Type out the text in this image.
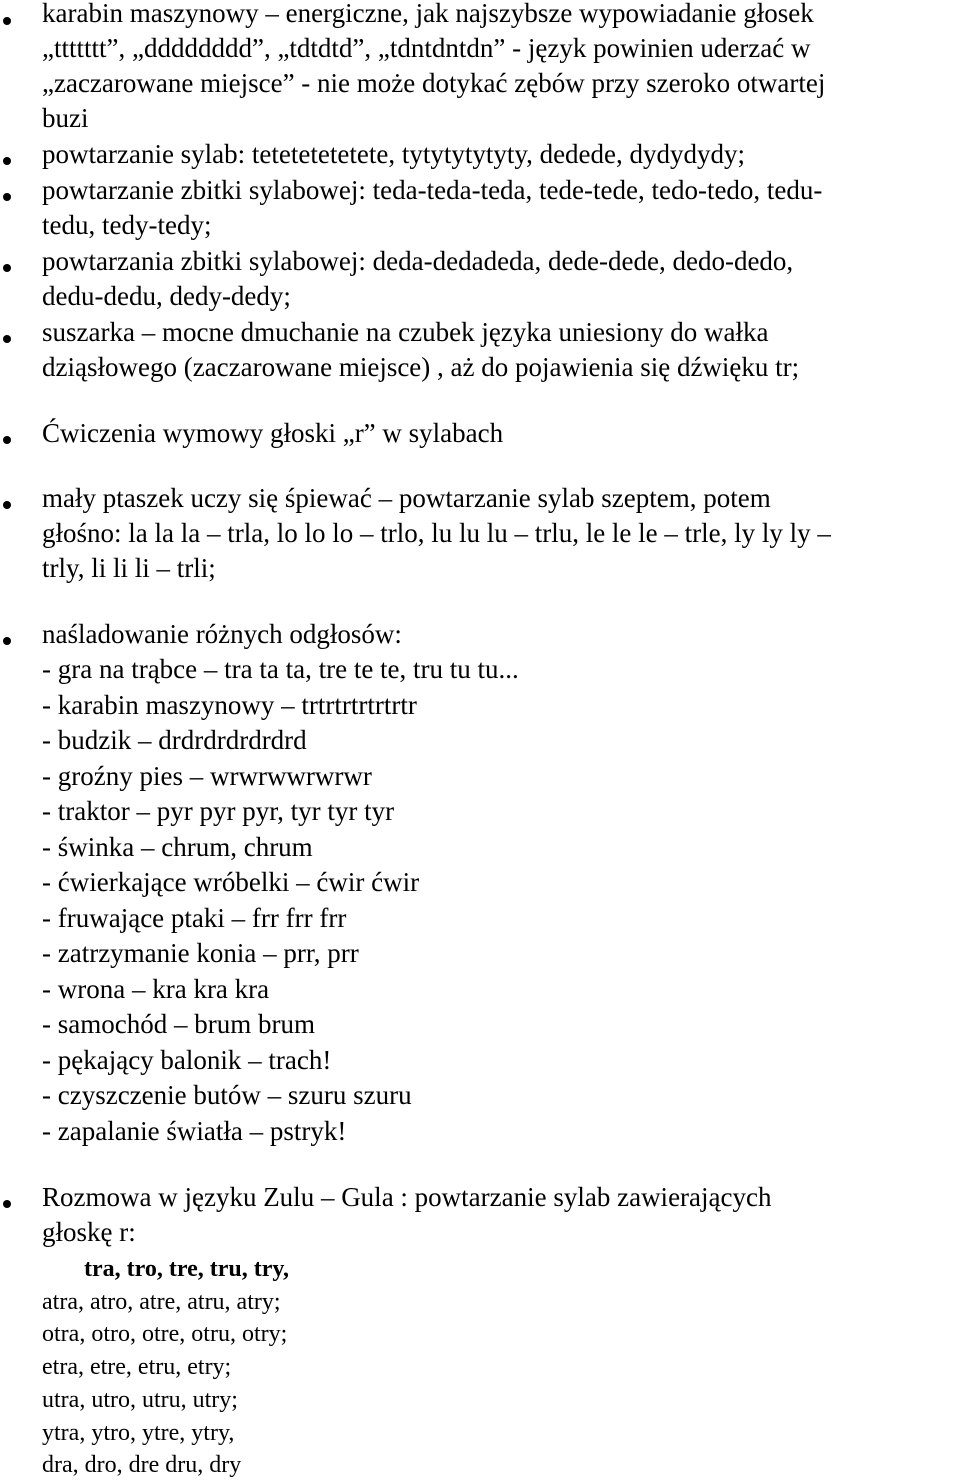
karabin maszynowy – energiczne, jak najszybsze wypowiadanie głosek
„ttttttt”, „dddddddd”, „tdtdtd”, „tdntdntdn” - język powinien uderzać w
„zaczarowane miejsce” - nie może dotykać zębów przy szeroko otwartej
buzi
powtarzanie sylab: tetetetetetete, tytytytytyty, dedede, dydydydy;
powtarzanie zbitki sylabowej: teda-teda-teda, tede-tede, tedo-tedo, tedu-
tedu, tedy-tedy;
powtarzania zbitki sylabowej: deda-dedadeda, dede-dede, dedo-dedo,
dedu-dedu, dedy-dedy;
suszarka – mocne dmuchanie na czubek języka uniesiony do wałka
dziąsłowego (zaczarowane miejsce) , aż do pojawienia się dźwięku tr;
Ćwiczenia wymowy głoski „r” w sylabach
mały ptaszek uczy się śpiewać – powtarzanie sylab szeptem, potem
głośno: la la la – trla, lo lo lo – trlo, lu lu lu – trlu, le le le – trle, ly ly ly –
trly, li li li – trli;
naśladowanie różnych odgłosów:
- gra na trąbce – tra ta ta, tre te te, tru tu tu...
- karabin maszynowy – trtrtrtrtrtrtr
- budzik – drdrdrdrdrdrd
- groźny pies – wrwrwwrwrwr
- traktor – pyr pyr pyr, tyr tyr tyr
- świnka – chrum, chrum
- ćwierkające wróbelki – ćwir ćwir
- fruwające ptaki – frr frr frr
- zatrzymanie konia – prr, prr
- wrona – kra kra kra
- samochód – brum brum
- pękający balonik – trach!
- czyszczenie butów – szuru szuru
- zapalanie światła – pstryk!
Rozmowa w języku Zulu – Gula : powtarzanie sylab zawierających
głoskę r:
tra, tro, tre, tru, try,
atra, atro, atre, atru, atry;
otra, otro, otre, otru, otry;
etra, etre, etru, etry;
utra, utro, utru, utry;
ytra, ytro, ytre, ytry,
dra, dro, dre dru, dry
